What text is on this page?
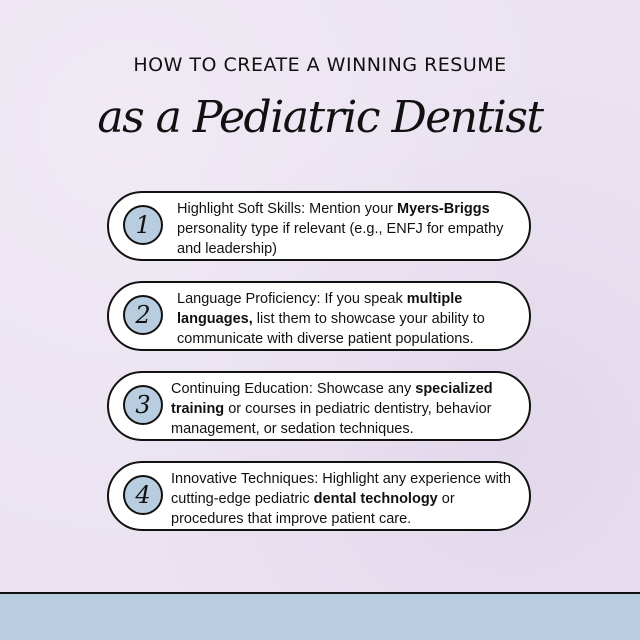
HOW TO CREATE A WINNING RESUME
as a Pediatric Dentist
1
Highlight Soft Skills: Mention your Myers-Briggs personality type if relevant (e.g., ENFJ for empathy and leadership)
2
Language Proficiency: If you speak multiple languages, list them to showcase your ability to communicate with diverse patient populations.
3
Continuing Education: Showcase any specialized training or courses in pediatric dentistry, behavior management, or sedation techniques.
4
Innovative Techniques: Highlight any experience with cutting-edge pediatric dental technology or procedures that improve patient care.
